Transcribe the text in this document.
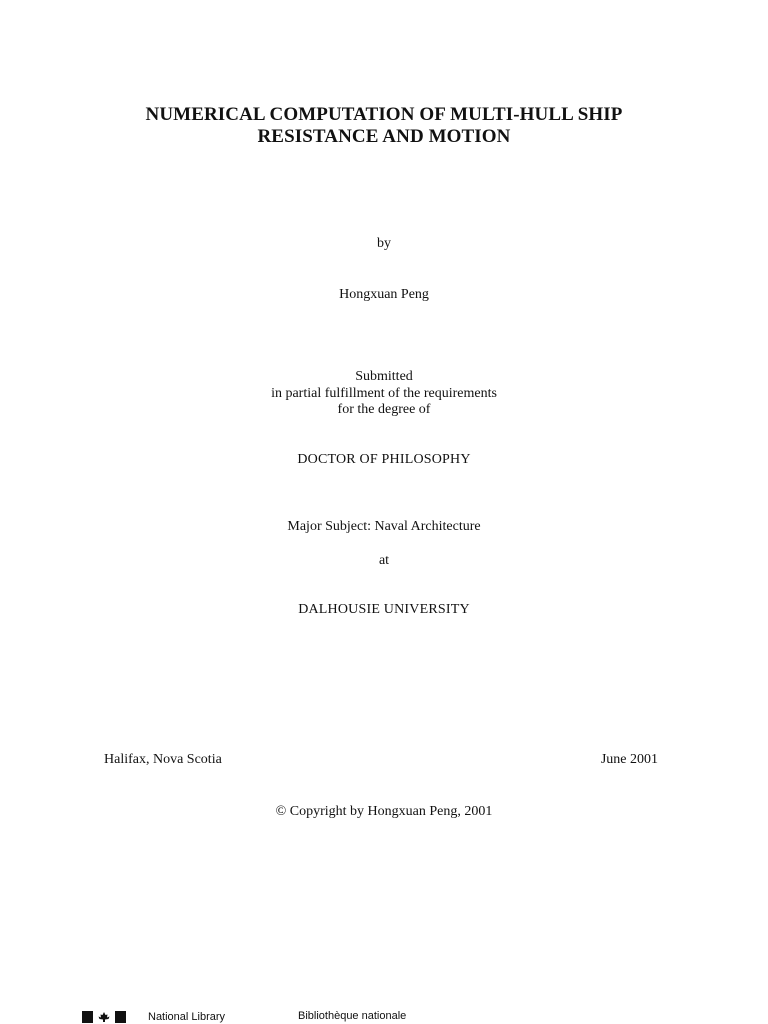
NUMERICAL COMPUTATION OF MULTI-HULL SHIP
RESISTANCE AND MOTION
by
Hongxuan Peng
Submitted
in partial fulfillment of the requirements
for the degree of
DOCTOR OF PHILOSOPHY
Major Subject: Naval Architecture
at
DALHOUSIE UNIVERSITY
Halifax, Nova Scotia	June 2001
© Copyright by Hongxuan Peng, 2001
National Library	Bibliothèque nationale
